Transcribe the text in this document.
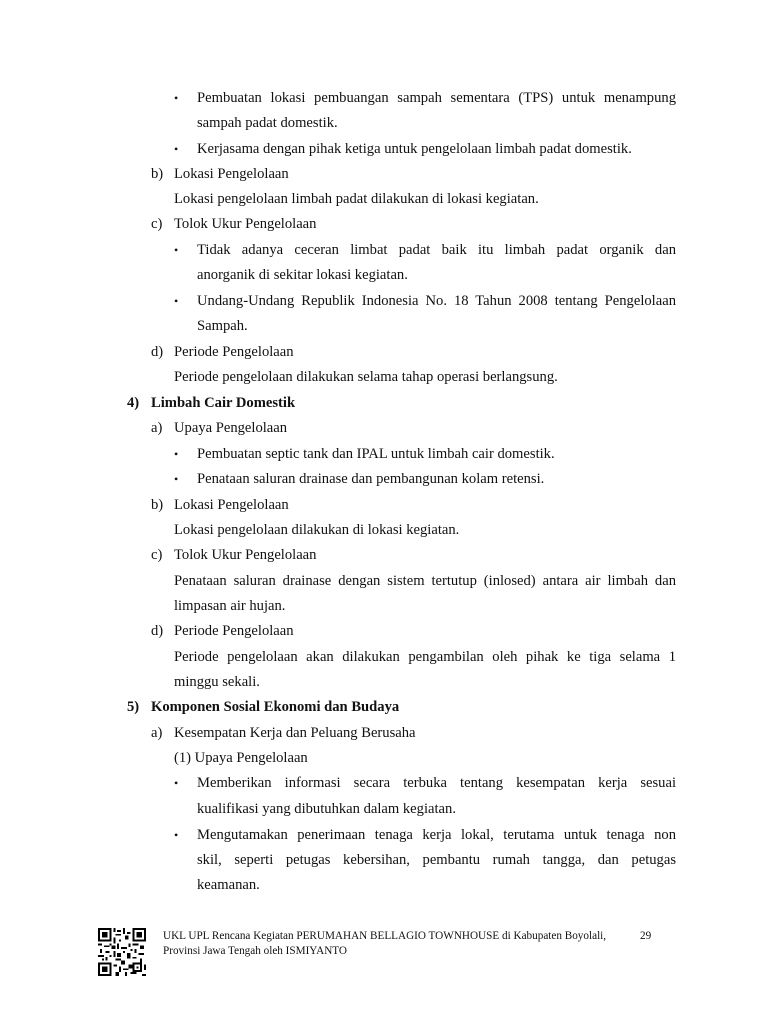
• Pembuatan lokasi pembuangan sampah sementara (TPS) untuk menampung
sampah padat domestik.
• Kerjasama dengan pihak ketiga untuk pengelolaan limbah padat domestik.
b) Lokasi Pengelolaan
Lokasi pengelolaan limbah padat dilakukan di lokasi kegiatan.
c) Tolok Ukur Pengelolaan
• Tidak adanya ceceran limbat padat baik itu limbah padat organik dan
anorganik di sekitar lokasi kegiatan.
• Undang-Undang Republik Indonesia No. 18 Tahun 2008 tentang Pengelolaan
Sampah.
d) Periode Pengelolaan
Periode pengelolaan dilakukan selama tahap operasi berlangsung.
4) Limbah Cair Domestik
a) Upaya Pengelolaan
• Pembuatan septic tank dan IPAL untuk limbah cair domestik.
• Penataan saluran drainase dan pembangunan kolam retensi.
b) Lokasi Pengelolaan
Lokasi pengelolaan dilakukan di lokasi kegiatan.
c) Tolok Ukur Pengelolaan
Penataan saluran drainase dengan sistem tertutup (inlosed) antara air limbah dan
limpasan air hujan.
d) Periode Pengelolaan
Periode pengelolaan akan dilakukan pengambilan oleh pihak ke tiga selama 1
minggu sekali.
5) Komponen Sosial Ekonomi dan Budaya
a) Kesempatan Kerja dan Peluang Berusaha
(1) Upaya Pengelolaan
• Memberikan informasi secara terbuka tentang kesempatan kerja sesuai
kualifikasi yang dibutuhkan dalam kegiatan.
• Mengutamakan penerimaan tenaga kerja lokal, terutama untuk tenaga non
skil, seperti petugas kebersihan, pembantu rumah tangga, dan petugas
keamanan.
UKL UPL Rencana Kegiatan PERUMAHAN BELLAGIO TOWNHOUSE di Kabupaten Boyolali,
Provinsi Jawa Tengah oleh ISMIYANTO
29
